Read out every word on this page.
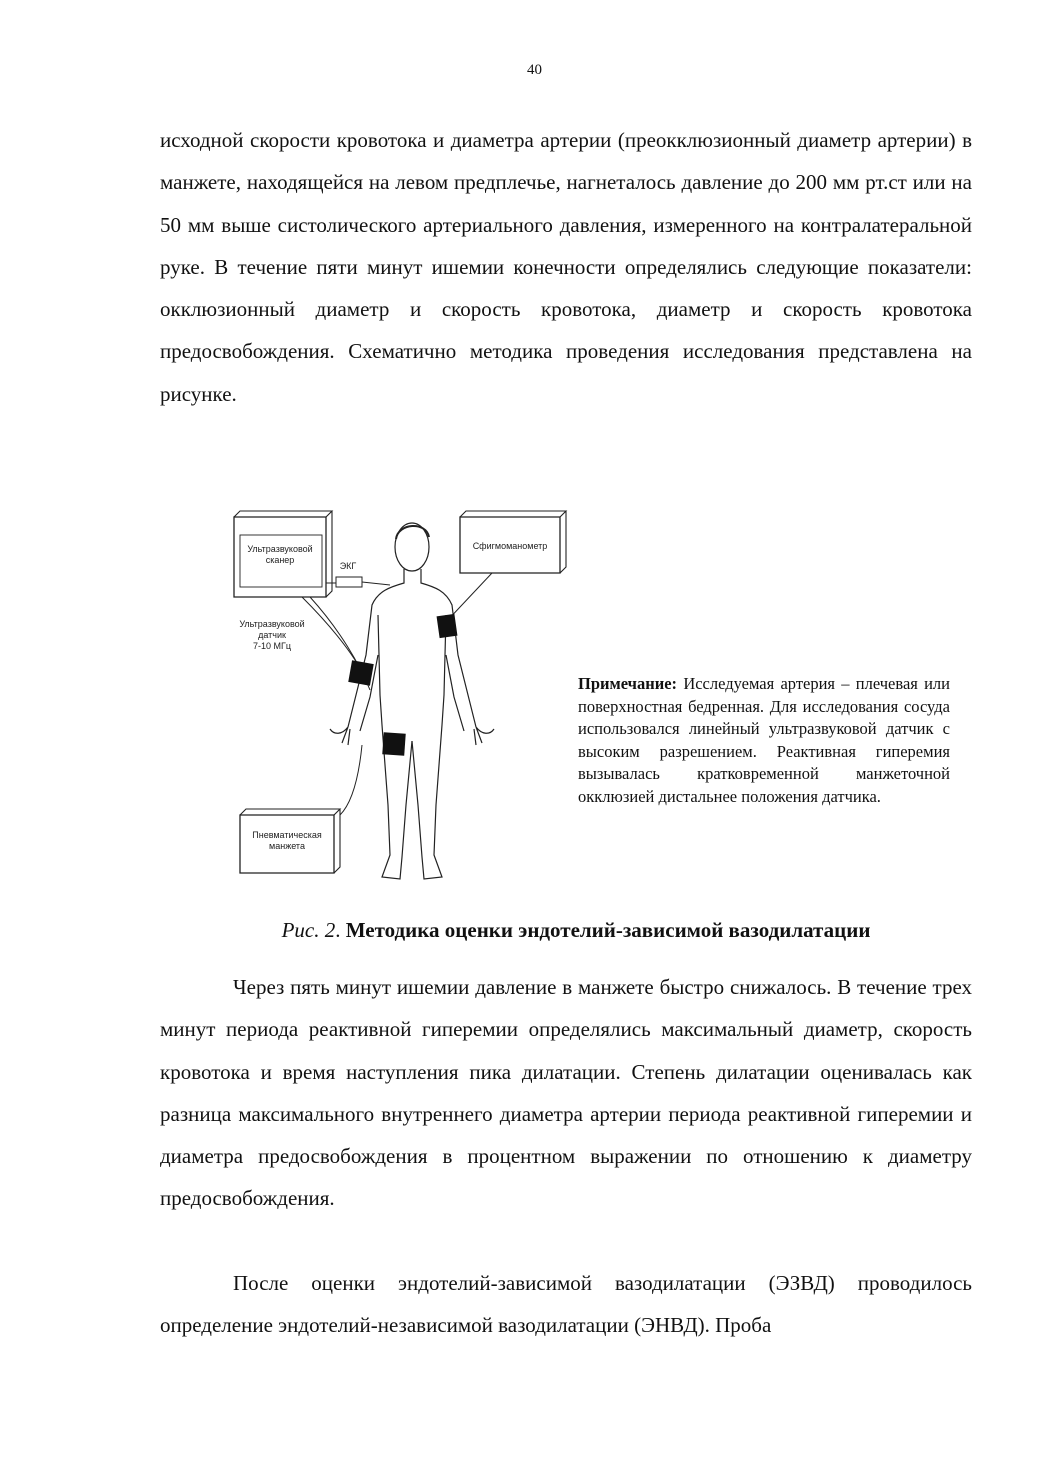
40

исходной скорости кровотока и диаметра артерии (преокклюзионный диаметр артерии) в манжете, находящейся на левом предплечье, нагнеталось давление до 200 мм рт.ст или на 50 мм выше систолического артериального давления, измеренного на контралатеральной руке. В течение пяти минут ишемии конечности определялись следующие показатели: окклюзионный диаметр и скорость кровотока, диаметр и скорость кровотока предосвобождения. Схематично методика проведения исследования представлена на рисунке.

Ультразвуковой
сканер
ЭКГ
Сфигмоманометр
Ультразвуковой
датчик
7-10 МГц
Пневматическая
манжета

Примечание: Исследуемая артерия – плечевая или поверхностная бедренная. Для исследования сосуда использовался линейный ультразвуковой датчик с высоким разрешением. Реактивная гиперемия вызывалась кратковременной манжеточной окклюзией дистальнее положения датчика.

Рис. 2. Методика оценки эндотелий-зависимой вазодилатации

Через пять минут ишемии давление в манжете быстро снижалось. В течение трех минут периода реактивной гиперемии определялись максимальный диаметр, скорость кровотока и время наступления пика дилатации. Степень дилатации оценивалась как разница максимального внутреннего диаметра артерии периода реактивной гиперемии и диаметра предосвобождения в процентном выражении по отношению к диаметру предосвобождения.

После оценки эндотелий-зависимой вазодилатации (ЭЗВД) проводилось определение эндотелий-независимой вазодилатации (ЭНВД). Проба
